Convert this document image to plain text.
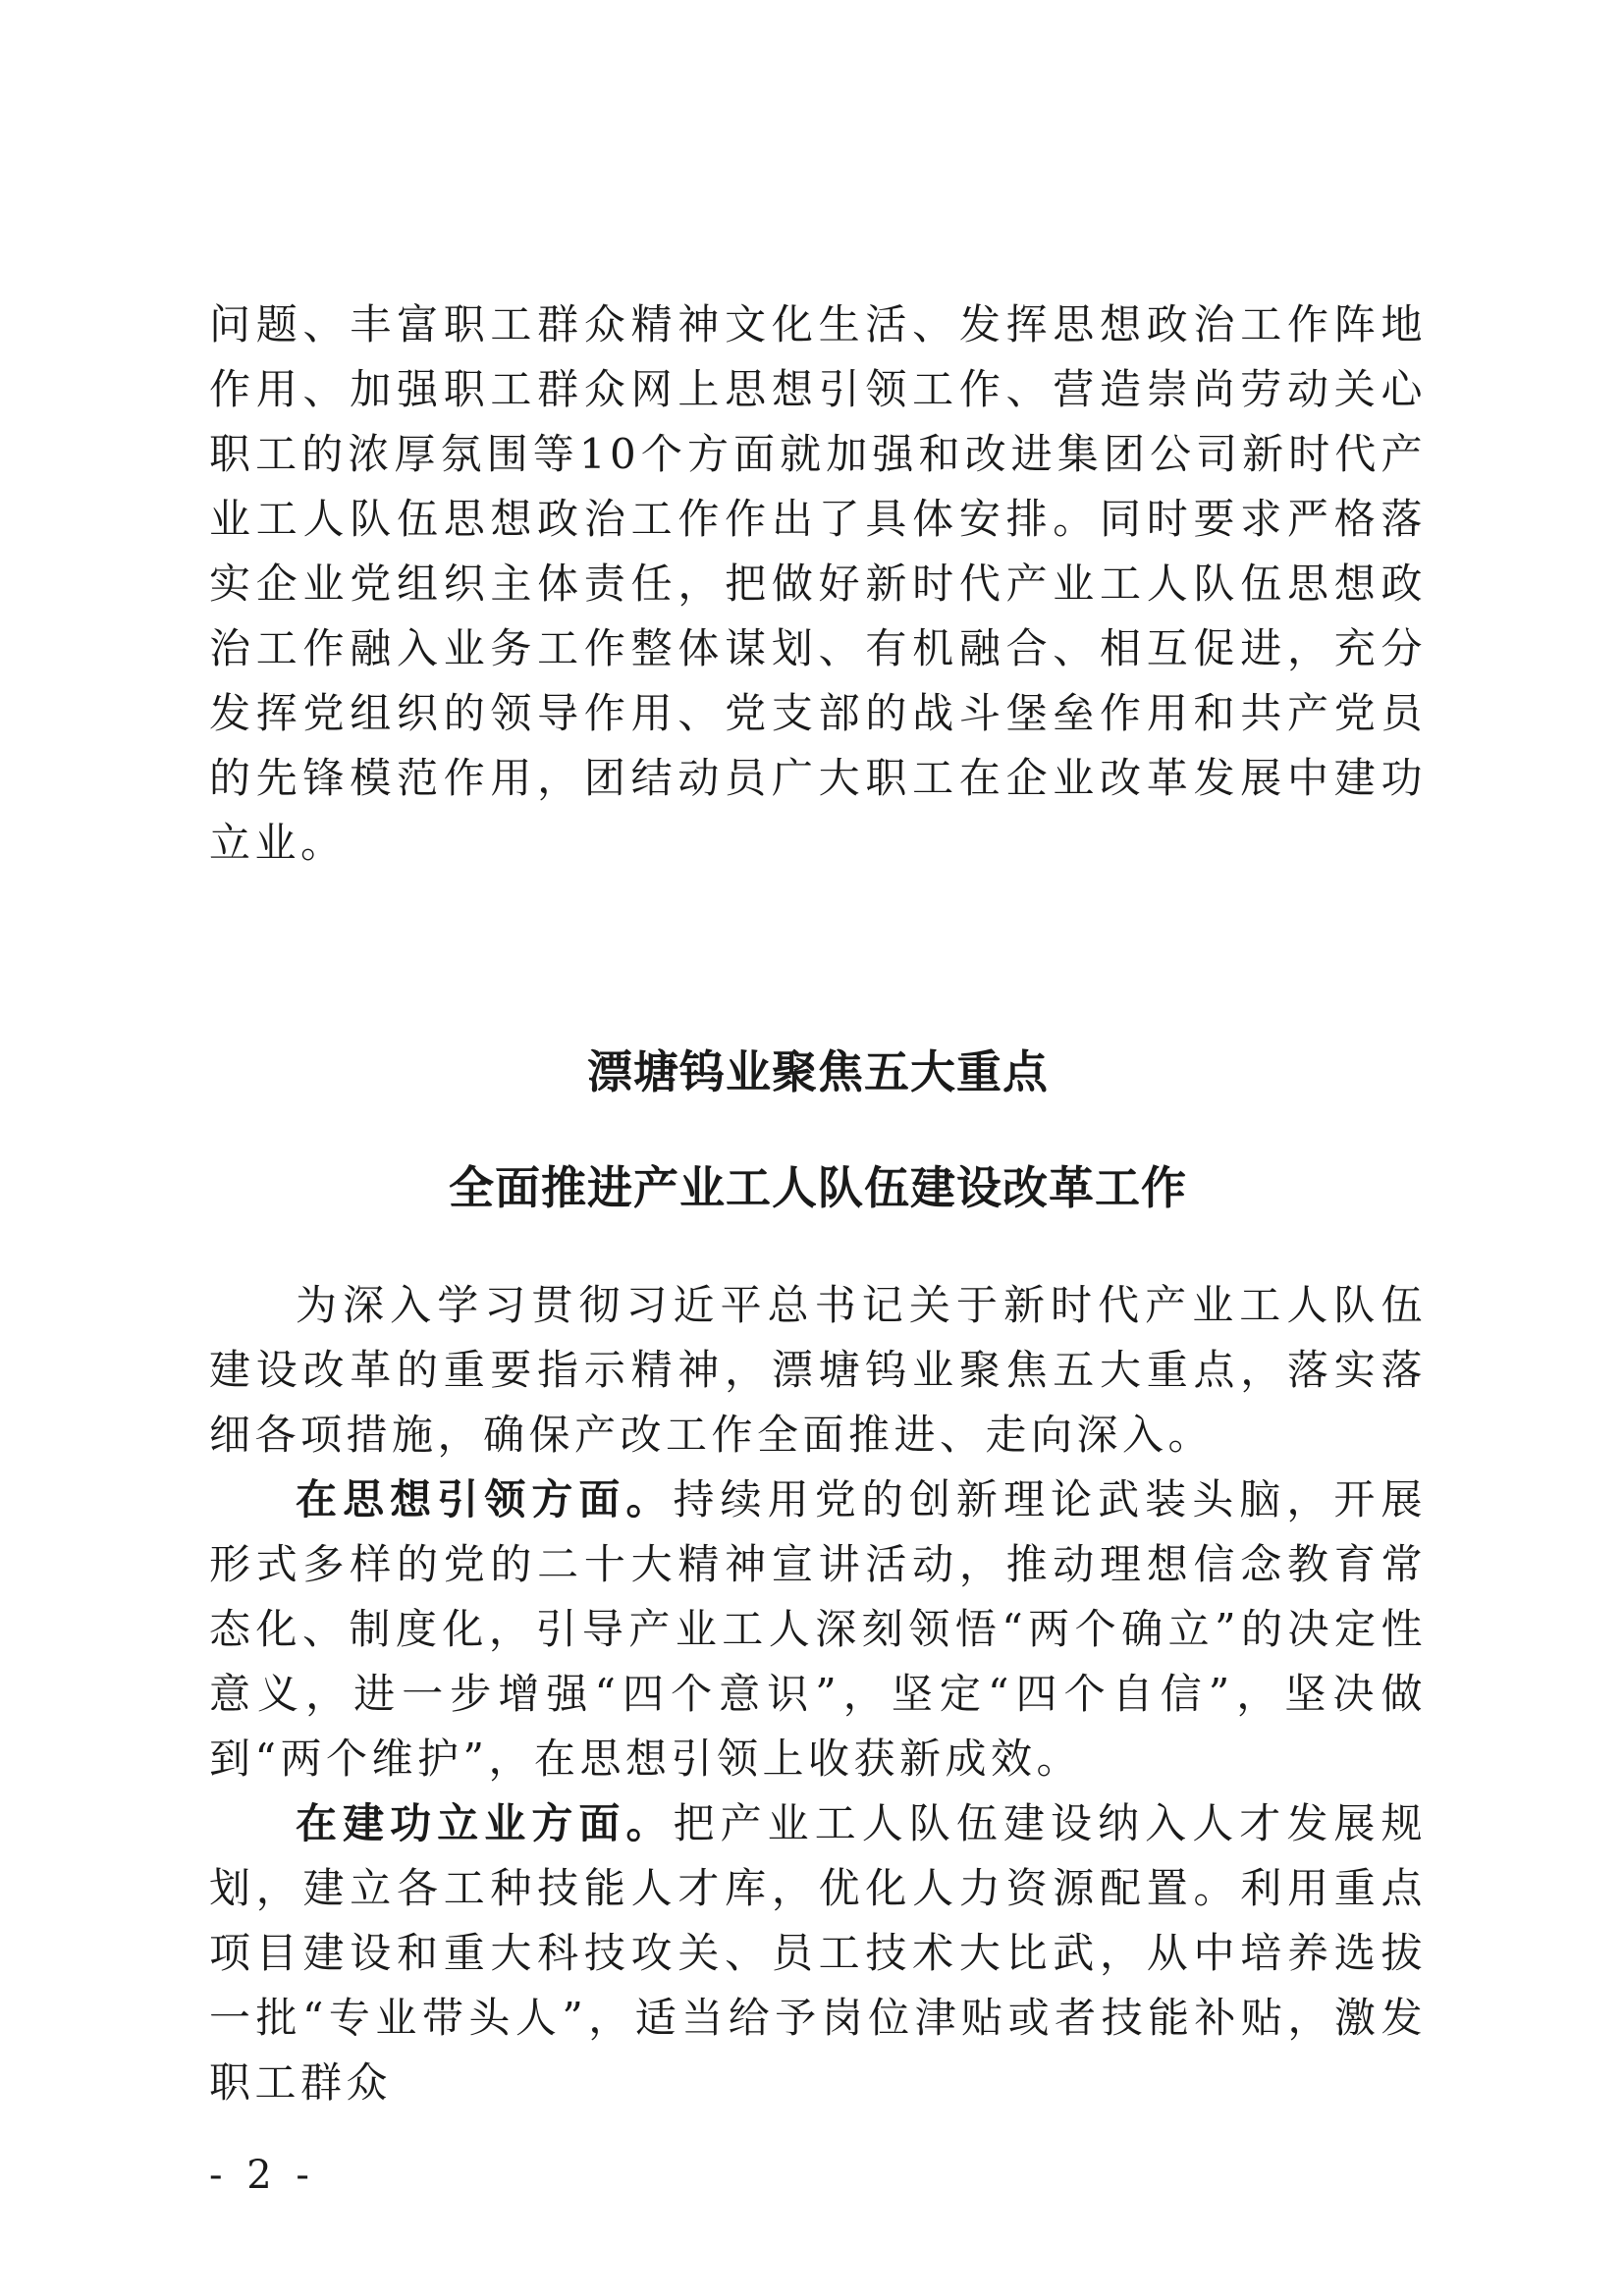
问题、丰富职工群众精神文化生活、发挥思想政治工作阵地作用、加强职工群众网上思想引领工作、营造崇尚劳动关心职工的浓厚氛围等10个方面就加强和改进集团公司新时代产业工人队伍思想政治工作作出了具体安排。同时要求严格落实企业党组织主体责任，把做好新时代产业工人队伍思想政治工作融入业务工作整体谋划、有机融合、相互促进，充分发挥党组织的领导作用、党支部的战斗堡垒作用和共产党员的先锋模范作用，团结动员广大职工在企业改革发展中建功立业。

漂塘钨业聚焦五大重点
全面推进产业工人队伍建设改革工作

为深入学习贯彻习近平总书记关于新时代产业工人队伍建设改革的重要指示精神，漂塘钨业聚焦五大重点，落实落细各项措施，确保产改工作全面推进、走向深入。

在思想引领方面。持续用党的创新理论武装头脑，开展形式多样的党的二十大精神宣讲活动，推动理想信念教育常态化、制度化，引导产业工人深刻领悟“两个确立”的决定性意义，进一步增强“四个意识”，坚定“四个自信”，坚决做到“两个维护”，在思想引领上收获新成效。

在建功立业方面。把产业工人队伍建设纳入人才发展规划，建立各工种技能人才库，优化人力资源配置。利用重点项目建设和重大科技攻关、员工技术大比武，从中培养选拔一批“专业带头人”，适当给予岗位津贴或者技能补贴，激发职工群众

- 2 -
